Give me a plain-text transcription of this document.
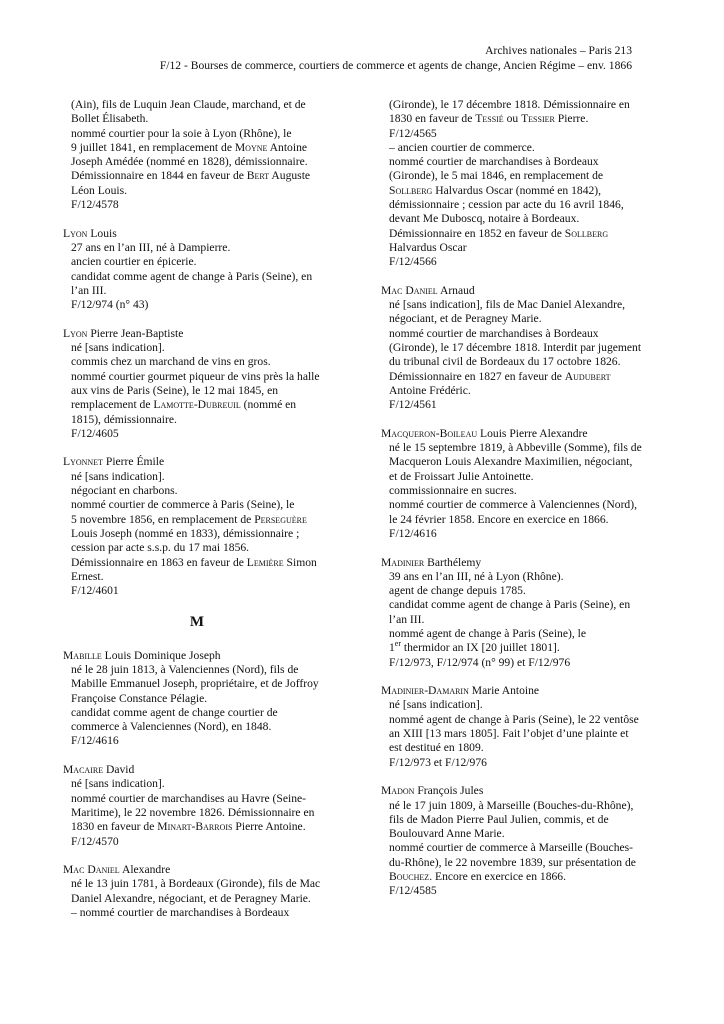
Archives nationales – Paris 213
F/12 - Bourses de commerce, courtiers de commerce et agents de change, Ancien Régime – env. 1866
(Ain), fils de Luquin Jean Claude, marchand, et de
Bollet Élisabeth.
nommé courtier pour la soie à Lyon (Rhône), le
9 juillet 1841, en remplacement de Moyne Antoine
Joseph Amédée (nommé en 1828), démissionnaire.
Démissionnaire en 1844 en faveur de Bert Auguste
Léon Louis.
F/12/4578
Lyon Louis
27 ans en l’an III, né à Dampierre.
ancien courtier en épicerie.
candidat comme agent de change à Paris (Seine), en
l’an III.
F/12/974 (n° 43)
Lyon Pierre Jean-Baptiste
né [sans indication].
commis chez un marchand de vins en gros.
nommé courtier gourmet piqueur de vins près la halle
aux vins de Paris (Seine), le 12 mai 1845, en
remplacement de Lamotte-Dubreuil (nommé en
1815), démissionnaire.
F/12/4605
Lyonnet Pierre Émile
né [sans indication].
négociant en charbons.
nommé courtier de commerce à Paris (Seine), le
5 novembre 1856, en remplacement de Perseguère
Louis Joseph (nommé en 1833), démissionnaire ;
cession par acte s.s.p. du 17 mai 1856.
Démissionnaire en 1863 en faveur de Lemière Simon
Ernest.
F/12/4601
M
Mabille Louis Dominique Joseph
né le 28 juin 1813, à Valenciennes (Nord), fils de
Mabille Emmanuel Joseph, propriétaire, et de Joffroy
Françoise Constance Pélagie.
candidat comme agent de change courtier de
commerce à Valenciennes (Nord), en 1848.
F/12/4616
Macaire David
né [sans indication].
nommé courtier de marchandises au Havre (Seine-
Maritime), le 22 novembre 1826. Démissionnaire en
1830 en faveur de Minart-Barrois Pierre Antoine.
F/12/4570
Mac Daniel Alexandre
né le 13 juin 1781, à Bordeaux (Gironde), fils de Mac
Daniel Alexandre, négociant, et de Peragney Marie.
– nommé courtier de marchandises à Bordeaux
(Gironde), le 17 décembre 1818. Démissionnaire en
1830 en faveur de Tessié ou Tessier Pierre.
F/12/4565
– ancien courtier de commerce.
nommé courtier de marchandises à Bordeaux
(Gironde), le 5 mai 1846, en remplacement de
Sollberg Halvardus Oscar (nommé en 1842),
démissionnaire ; cession par acte du 16 avril 1846,
devant Me Duboscq, notaire à Bordeaux.
Démissionnaire en 1852 en faveur de Sollberg
Halvardus Oscar
F/12/4566
Mac Daniel Arnaud
né [sans indication], fils de Mac Daniel Alexandre,
négociant, et de Peragney Marie.
nommé courtier de marchandises à Bordeaux
(Gironde), le 17 décembre 1818. Interdit par jugement
du tribunal civil de Bordeaux du 17 octobre 1826.
Démissionnaire en 1827 en faveur de Audubert
Antoine Frédéric.
F/12/4561
Macqueron-Boileau Louis Pierre Alexandre
né le 15 septembre 1819, à Abbeville (Somme), fils de
Macqueron Louis Alexandre Maximilien, négociant,
et de Froissart Julie Antoinette.
commissionnaire en sucres.
nommé courtier de commerce à Valenciennes (Nord),
le 24 février 1858. Encore en exercice en 1866.
F/12/4616
Madinier Barthélemy
39 ans en l’an III, né à Lyon (Rhône).
agent de change depuis 1785.
candidat comme agent de change à Paris (Seine), en
l’an III.
nommé agent de change à Paris (Seine), le
1er thermidor an IX [20 juillet 1801].
F/12/973, F/12/974 (n° 99) et F/12/976
Madinier-Damarin Marie Antoine
né [sans indication].
nommé agent de change à Paris (Seine), le 22 ventôse
an XIII [13 mars 1805]. Fait l’objet d’une plainte et
est destitué en 1809.
F/12/973 et F/12/976
Madon François Jules
né le 17 juin 1809, à Marseille (Bouches-du-Rhône),
fils de Madon Pierre Paul Julien, commis, et de
Boulouvard Anne Marie.
nommé courtier de commerce à Marseille (Bouches-
du-Rhône), le 22 novembre 1839, sur présentation de
Bouchez. Encore en exercice en 1866.
F/12/4585
